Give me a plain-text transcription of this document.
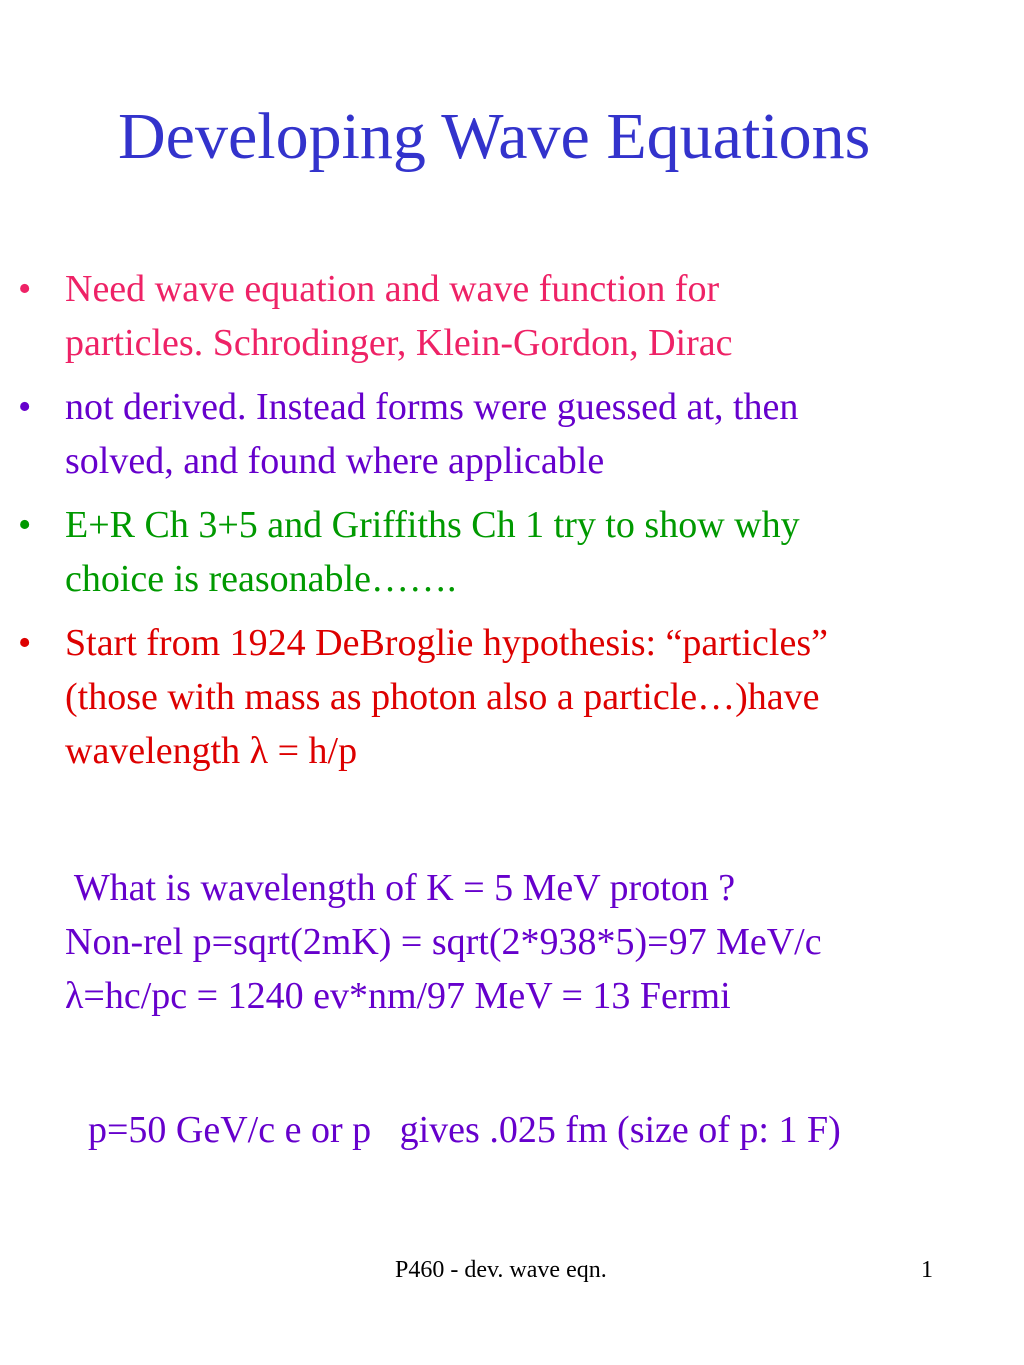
Developing Wave Equations
• Need wave equation and wave function for
particles. Schrodinger, Klein-Gordon, Dirac
• not derived. Instead forms were guessed at, then
solved, and found where applicable
• E+R Ch 3+5 and Griffiths Ch 1 try to show why
choice is reasonable…….
• Start from 1924 DeBroglie hypothesis: “particles”
(those with mass as photon also a particle…)have
wavelength λ = h/p
What is wavelength of K = 5 MeV proton ?
Non-rel p=sqrt(2mK) = sqrt(2*938*5)=97 MeV/c
λ=hc/pc = 1240 ev*nm/97 MeV = 13 Fermi
p=50 GeV/c e or p   gives .025 fm (size of p: 1 F)
P460 - dev. wave eqn.	1
